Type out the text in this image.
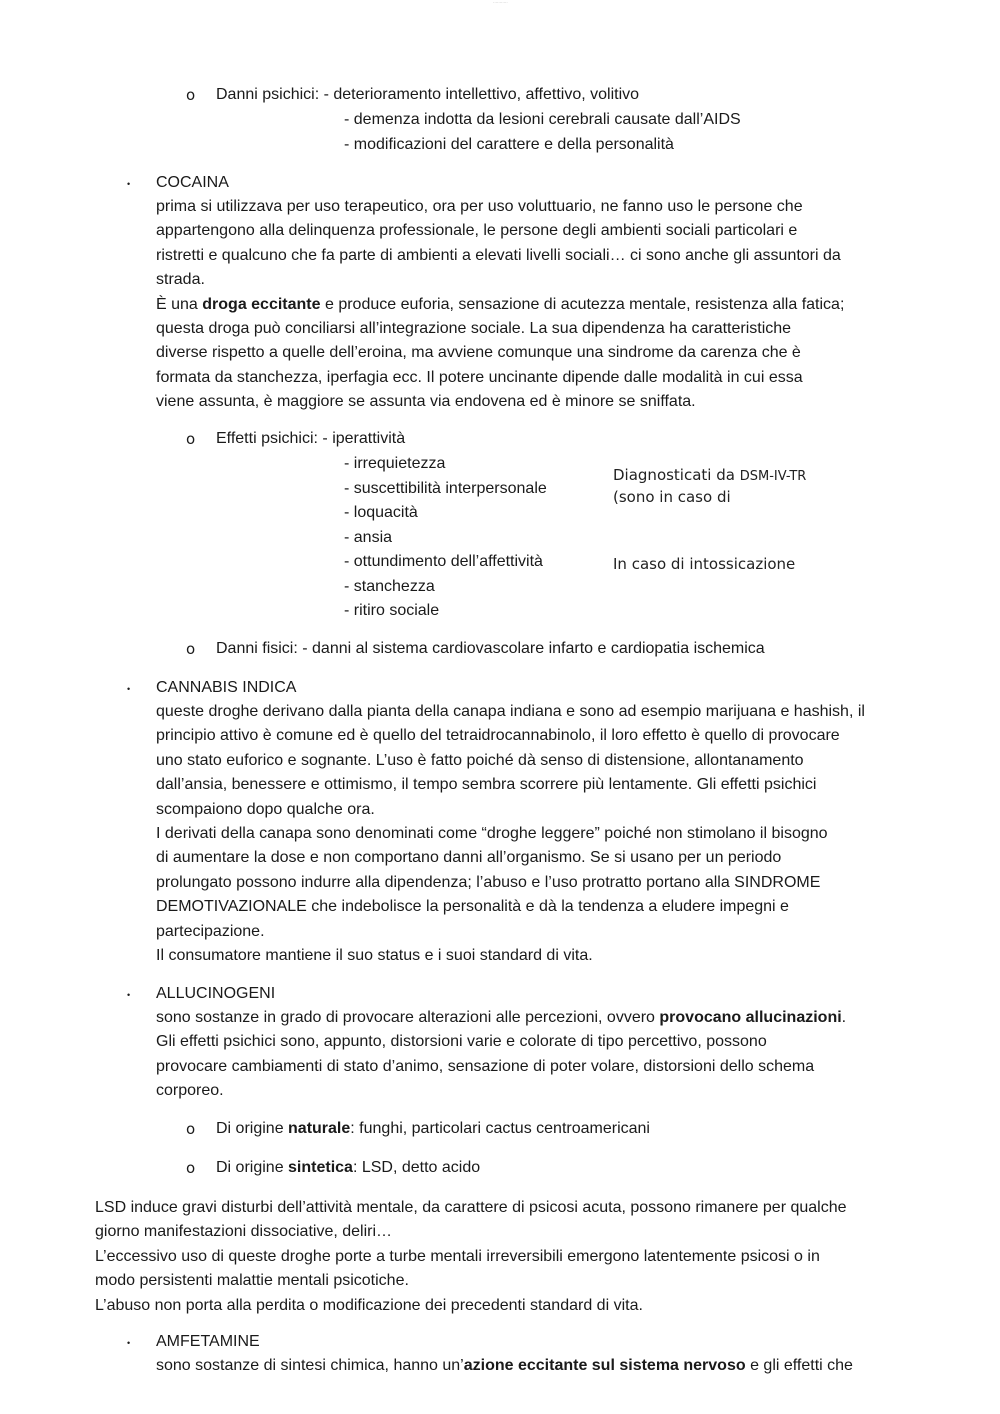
···········
o Danni psichici: - deterioramento intellettivo, affettivo, volitivo
- demenza indotta da lesioni cerebrali causate dall’AIDS
- modificazioni del carattere e della personalità
• COCAINA
prima si utilizzava per uso terapeutico, ora per uso voluttuario, ne fanno uso le persone che
appartengono alla delinquenza professionale, le persone degli ambienti sociali particolari e
ristretti e qualcuno che fa parte di ambienti a elevati livelli sociali… ci sono anche gli assuntori da
strada.
È una droga eccitante e produce euforia, sensazione di acutezza mentale, resistenza alla fatica;
questa droga può conciliarsi all’integrazione sociale. La sua dipendenza ha caratteristiche
diverse rispetto a quelle dell’eroina, ma avviene comunque una sindrome da carenza che è
formata da stanchezza, iperfagia ecc. Il potere uncinante dipende dalle modalità in cui essa
viene assunta, è maggiore se assunta via endovena ed è minore se sniffata.
o Effetti psichici: - iperattività
- irrequietezza
- suscettibilità interpersonale
- loquacità
- ansia
- ottundimento dell’affettività
- stanchezza
- ritiro sociale
Diagnosticati da DSM-IV-TR
(sono in caso di
In caso di intossicazione
o Danni fisici: - danni al sistema cardiovascolare infarto e cardiopatia ischemica
• CANNABIS INDICA
queste droghe derivano dalla pianta della canapa indiana e sono ad esempio marijuana e hashish, il
principio attivo è comune ed è quello del tetraidrocannabinolo, il loro effetto è quello di provocare
uno stato euforico e sognante. L’uso è fatto poiché dà senso di distensione, allontanamento
dall’ansia, benessere e ottimismo, il tempo sembra scorrere più lentamente. Gli effetti psichici
scompaiono dopo qualche ora.
I derivati della canapa sono denominati come “droghe leggere” poiché non stimolano il bisogno
di aumentare la dose e non comportano danni all’organismo. Se si usano per un periodo
prolungato possono indurre alla dipendenza; l’abuso e l’uso protratto portano alla SINDROME
DEMOTIVAZIONALE che indebolisce la personalità e dà la tendenza a eludere impegni e
partecipazione.
Il consumatore mantiene il suo status e i suoi standard di vita.
• ALLUCINOGENI
sono sostanze in grado di provocare alterazioni alle percezioni, ovvero provocano allucinazioni.
Gli effetti psichici sono, appunto, distorsioni varie e colorate di tipo percettivo, possono
provocare cambiamenti di stato d’animo, sensazione di poter volare, distorsioni dello schema
corporeo.
o Di origine naturale: funghi, particolari cactus centroamericani
o Di origine sintetica: LSD, detto acido
LSD induce gravi disturbi dell’attività mentale, da carattere di psicosi acuta, possono rimanere per qualche
giorno manifestazioni dissociative, deliri…
L’eccessivo uso di queste droghe porte a turbe mentali irreversibili emergono latentemente psicosi o in
modo persistenti malattie mentali psicotiche.
L’abuso non porta alla perdita o modificazione dei precedenti standard di vita.
• AMFETAMINE
sono sostanze di sintesi chimica, hanno un’azione eccitante sul sistema nervoso e gli effetti che
